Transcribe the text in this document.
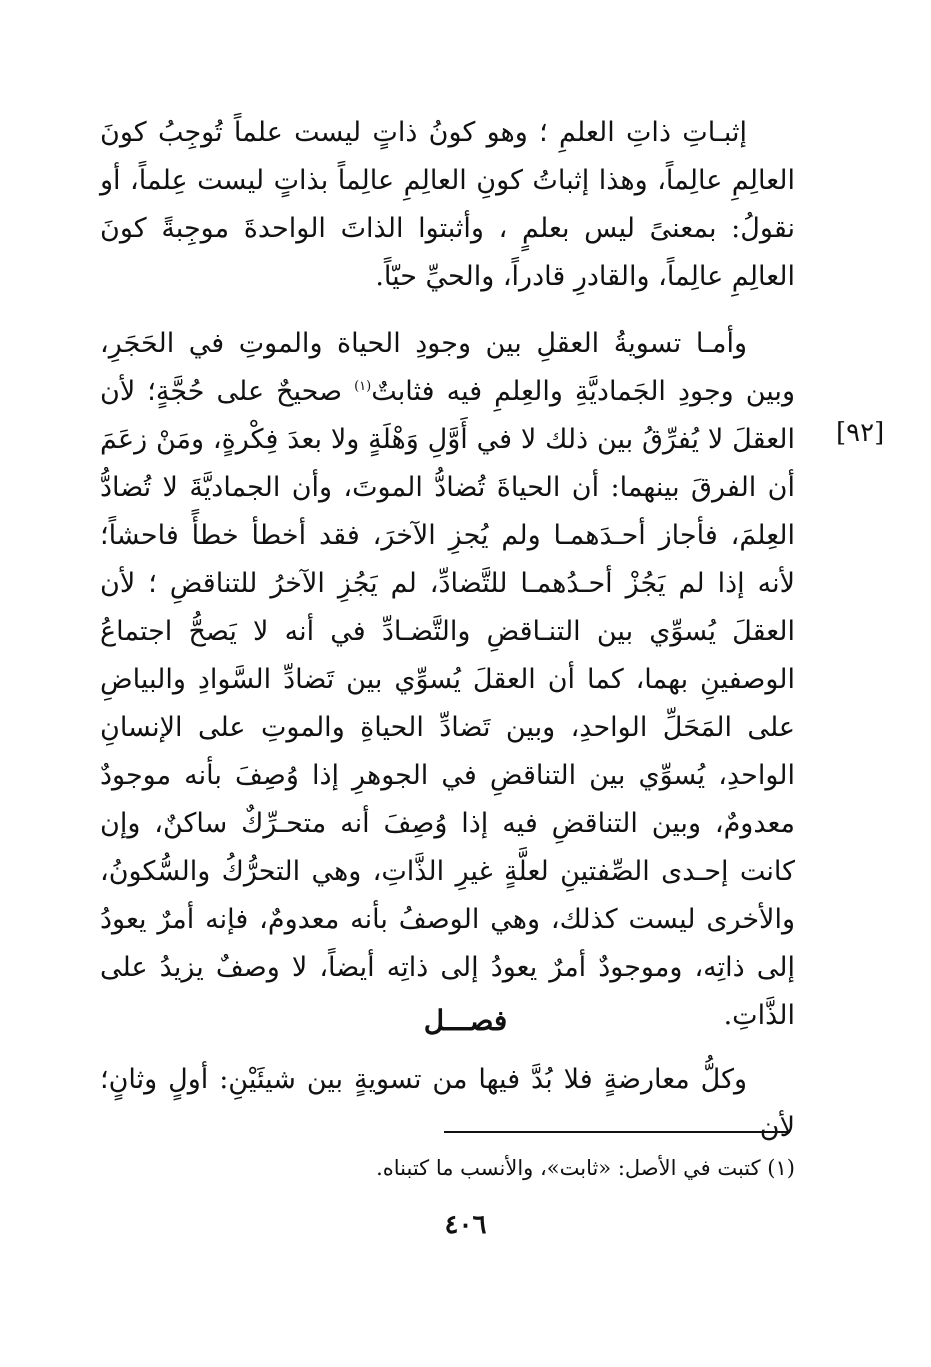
إثبـاتِ ذاتِ العلمِ ؛ وهو كونُ ذاتٍ ليست علماً تُوجِبُ كونَ العالِمِ عالِماً، وهذا إثباتُ كونِ العالِمِ عالِماً بذاتٍ ليست عِلماً، أو نقولُ: بمعنىً ليس بعلمٍ ، وأثبتوا الذاتَ الواحدةَ موجِبةً كونَ العالِمِ عالِماً، والقادرِ قادراً، والحيِّ حيّاً.

وأمـا تسويةُ العقلِ بين وجودِ الحياة والموتِ في الحَجَرِ، وبين وجودِ الجَماديَّةِ والعِلمِ فيه فثابتٌ$^{(١)}$ صحيحٌ على حُجَّةٍ؛ لأن العقلَ لا يُفرِّقُ بين ذلك لا في أَوَّلِ وَهْلَةٍ ولا بعدَ فِكْرةٍ، ومَنْ زعَمَ أن الفرقَ بينهما: أن الحياةَ تُضادُّ الموتَ، وأن الجماديَّةَ لا تُضادُّ العِلمَ، فأجاز أحـدَهمـا ولم يُجزِ الآخرَ، فقد أخطأ خطأً فاحشاً؛ لأنه إذا لم يَجُزْ أحـدُهمـا للتَّضادِّ، لم يَجُزِ الآخرُ للتناقضِ ؛ لأن العقلَ يُسوِّي بين التنـاقضِ والتَّضـادِّ في أنه لا يَصحُّ اجتماعُ الوصفينِ بهما، كما أن العقلَ يُسوِّي بين تَضادِّ السَّوادِ والبياضِ على المَحَلِّ الواحدِ، وبين تَضادِّ الحياةِ والموتِ على الإنسانِ الواحدِ، يُسوِّي بين التناقضِ في الجوهرِ إذا وُصِفَ بأنه موجودٌ معدومٌ، وبين التناقضِ فيه إذا وُصِفَ أنه متحـرِّكٌ ساكنٌ، وإن كانت إحـدى الصِّفتينِ لعلَّةٍ غيرِ الذَّاتِ، وهي التحرُّكُ والسُّكونُ، والأخرى ليست كذلك، وهي الوصفُ بأنه معدومٌ، فإنه أمرٌ يعودُ إلى ذاتِه، وموجودٌ أمرٌ يعودُ إلى ذاتِه أيضاً، لا وصفٌ يزيدُ على الذَّاتِ.

[٩٢]
فصـــل

وكلُّ معارضةٍ فلا بُدَّ فيها من تسويةٍ بين شيئَيْنِ: أولٍ وثانٍ؛ لأن

(١) كتبت في الأصل: «ثابت»، والأنسب ما كتبناه.
٤٠٦
